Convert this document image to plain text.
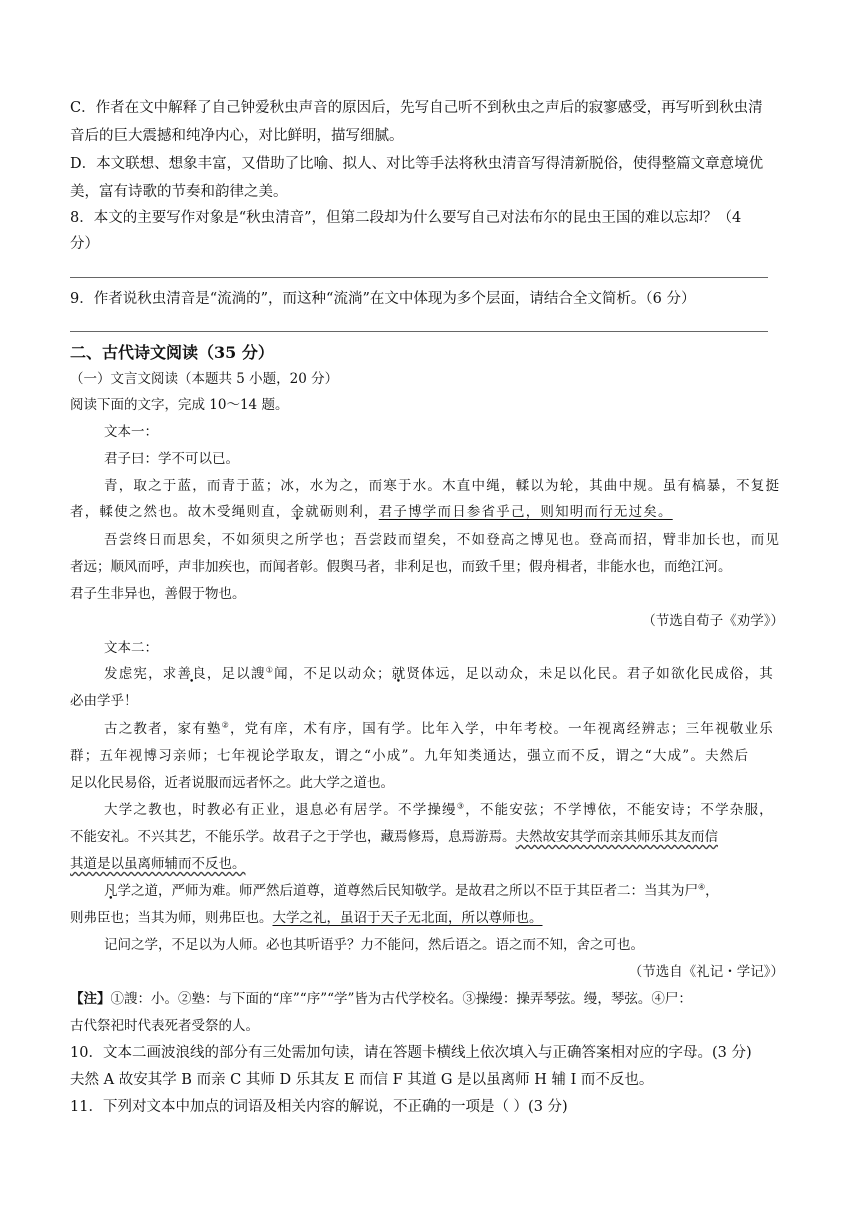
C．作者在文中解释了自己钟爱秋虫声音的原因后，先写自己听不到秋虫之声后的寂寥感受，再写听到秋虫清
音后的巨大震撼和纯净内心，对比鲜明，描写细腻。
D．本文联想、想象丰富，又借助了比喻、拟人、对比等手法将秋虫清音写得清新脱俗，使得整篇文章意境优
美，富有诗歌的节奏和韵律之美。
8．本文的主要写作对象是“秋虫清音”，但第二段却为什么要写自己对法布尔的昆虫王国的难以忘却？（4
分）
9．作者说秋虫清音是“流淌的”，而这种“流淌”在文中体现为多个层面，请结合全文简析。（6 分）
二、古代诗文阅读（35 分）
（一）文言文阅读（本题共 5 小题，20 分）
阅读下面的文字，完成 10～14 题。
文本一：
君子曰：学不可以已。
青，取之于蓝，而青于蓝；冰，水为之，而寒于水。木直中绳，輮以为轮，其曲中规。虽有槁暴，不复挺
者，輮使之然也。故木受绳则直，金就砺则利，君子博学而日参省乎己，则知明而行无过矣。
吾尝终日而思矣，不如须臾之所学也；吾尝跂而望矣，不如登高之博见也。登高而招，臂非加长也，而见
者远；顺风而呼，声非加疾也，而闻者彰。假舆马者，非利足也，而致千里；假舟楫者，非能水也，而绝江河。
君子生非异也，善假于物也。
（节选自荀子《劝学》）
文本二：
发虑宪，求善良，足以謏①闻，不足以动众；就贤体远，足以动众，未足以化民。君子如欲化民成俗，其
必由学乎！
古之教者，家有塾②，党有庠，术有序，国有学。比年入学，中年考校。一年视离经辨志；三年视敬业乐
群；五年视博习亲师；七年视论学取友，谓之“小成”。九年知类通达，强立而不反，谓之“大成”。夫然后
足以化民易俗，近者说服而远者怀之。此大学之道也。
大学之教也，时教必有正业，退息必有居学。不学操缦③，不能安弦；不学博依，不能安诗；不学杂服，
不能安礼。不兴其艺，不能乐学。故君子之于学也，藏焉修焉，息焉游焉。夫然故安其学而亲其师乐其友而信
其道是以虽离师辅而不反也。
凡学之道，严师为难。师严然后道尊，道尊然后民知敬学。是故君之所以不臣于其臣者二：当其为尸④，
则弗臣也；当其为师，则弗臣也。大学之礼，虽诏于天子无北面，所以尊师也。
记问之学，不足以为人师。必也其听语乎？力不能问，然后语之。语之而不知，舍之可也。
（节选自《礼记・学记》）
【注】①謏：小。②塾：与下面的“庠”“序”“学”皆为古代学校名。③操缦：操弄琴弦。缦，琴弦。④尸：
古代祭祀时代表死者受祭的人。
10．文本二画波浪线的部分有三处需加句读，请在答题卡横线上依次填入与正确答案相对应的字母。(3 分)
夫然 A 故安其学 B 而亲 C 其师 D 乐其友 E 而信 F 其道 G 是以虽离师 H 辅 I 而不反也。
11．下列对文本中加点的词语及相关内容的解说，不正确的一项是（ ）(3 分)
